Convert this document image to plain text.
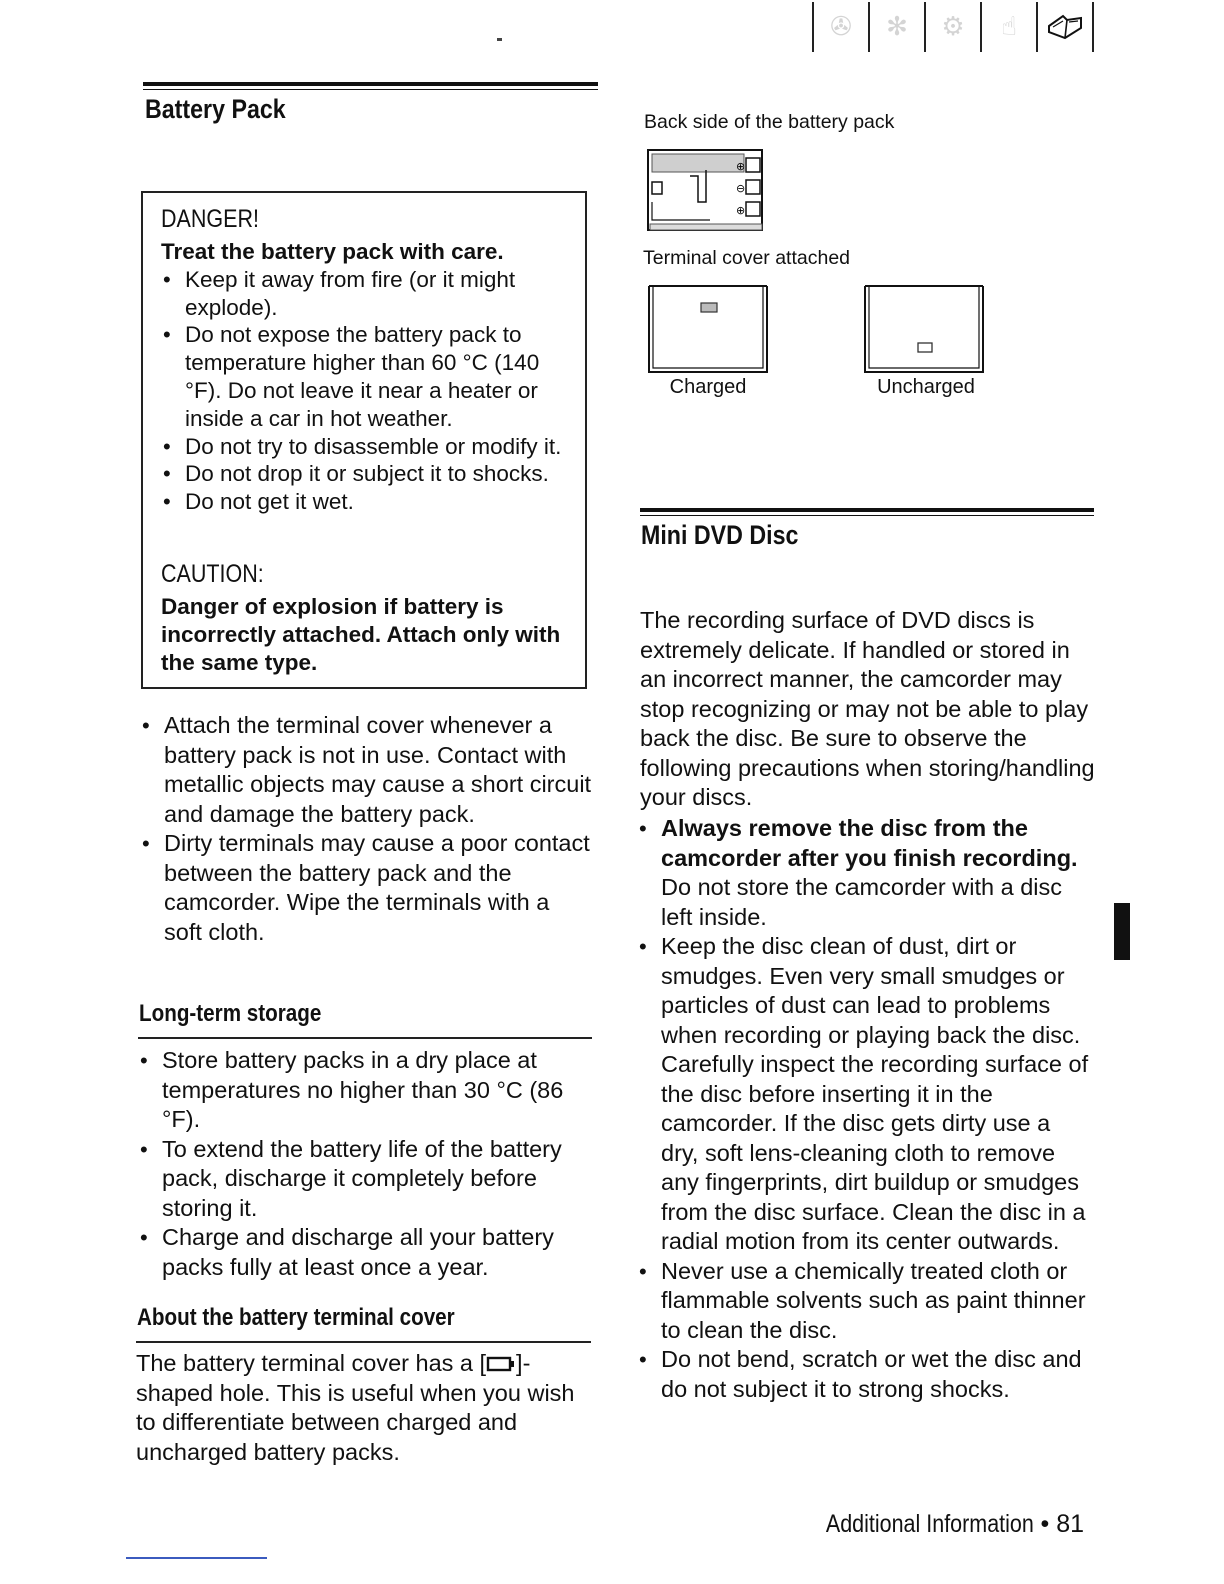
✇ ✻ ⚙ ☝
Battery Pack

DANGER!

Treat the battery pack with care.
• Keep it away from fire (or it might explode).
• Do not expose the battery pack to temperature higher than 60 °C (140 °F). Do not leave it near a heater or inside a car in hot weather.
• Do not try to disassemble or modify it.
• Do not drop it or subject it to shocks.
• Do not get it wet.

CAUTION:

Danger of explosion if battery is incorrectly attached. Attach only with the same type.
• Attach the terminal cover whenever a battery pack is not in use. Contact with metallic objects may cause a short circuit and damage the battery pack.
• Dirty terminals may cause a poor contact between the battery pack and the camcorder. Wipe the terminals with a soft cloth.
Long-term storage
• Store battery packs in a dry place at temperatures no higher than 30 °C (86 °F).
• To extend the battery life of the battery pack, discharge it completely before storing it.
• Charge and discharge all your battery packs fully at least once a year.
About the battery terminal cover
The battery terminal cover has a [ ]-shaped hole. This is useful when you wish to differentiate between charged and uncharged battery packs.
Back side of the battery pack
⊕
⊖
⊕
Terminal cover attached
Charged	Uncharged
Mini DVD Disc
The recording surface of DVD discs is extremely delicate. If handled or stored in an incorrect manner, the camcorder may stop recognizing or may not be able to play back the disc. Be sure to observe the following precautions when storing/handling your discs.
• Always remove the disc from the camcorder after you finish recording.
Do not store the camcorder with a disc left inside.
• Keep the disc clean of dust, dirt or smudges. Even very small smudges or particles of dust can lead to problems when recording or playing back the disc. Carefully inspect the recording surface of the disc before inserting it in the camcorder. If the disc gets dirty use a dry, soft lens-cleaning cloth to remove any fingerprints, dirt buildup or smudges from the disc surface. Clean the disc in a radial motion from its center outwards.
• Never use a chemically treated cloth or flammable solvents such as paint thinner to clean the disc.
• Do not bend, scratch or wet the disc and do not subject it to strong shocks.
Additional Information • 81
